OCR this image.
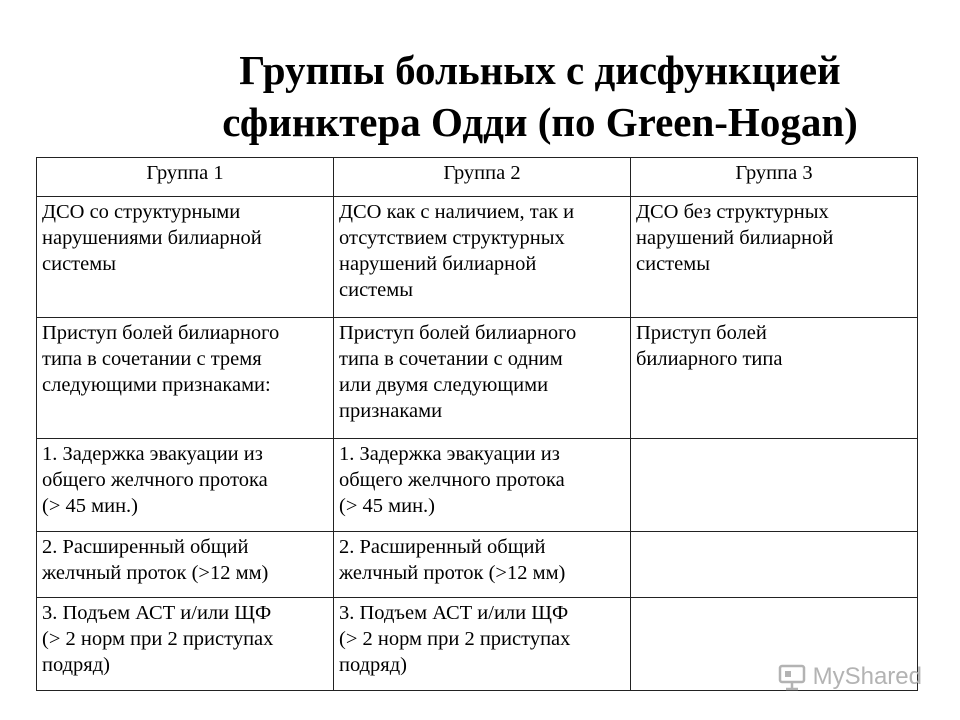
Группы больных с дисфункцией
сфинктера Одди (по Green-Hogan)
Группа 1	Группа 2	Группа 3

ДСО со структурными
нарушениями билиарной
системы	ДСО как с наличием, так и
отсутствием структурных
нарушений билиарной
системы	ДСО без структурных
нарушений билиарной
системы

Приступ болей билиарного
типа в сочетании с тремя
следующими признаками:	Приступ болей билиарного
типа в сочетании с одним
или двумя следующими
признаками	Приступ болей
билиарного типа

1. Задержка эвакуации из
общего желчного протока
(> 45 мин.)	1. Задержка эвакуации из
общего желчного протока
(> 45 мин.)	

2. Расширенный общий
желчный проток (>12 мм)	2. Расширенный общий
желчный проток (>12 мм)	

3. Подъем АСТ и/или ЩФ
(> 2 норм при 2 приступах
подряд)	3. Подъем АСТ и/или ЩФ
(> 2 норм при 2 приступах
подряд)	
		MyShared
